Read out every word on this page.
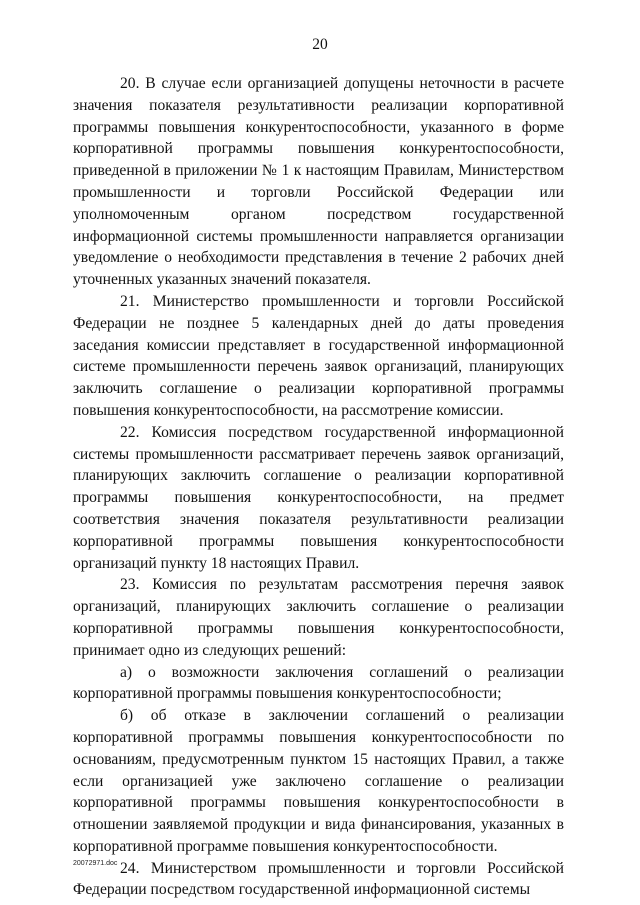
20

20. В случае если организацией допущены неточности в расчете значения показателя результативности реализации корпоративной программы повышения конкурентоспособности, указанного в форме корпоративной программы повышения конкурентоспособности, приведенной в приложении № 1 к настоящим Правилам, Министерством промышленности и торговли Российской Федерации или уполномоченным органом посредством государственной информационной системы промышленности направляется организации уведомление о необходимости представления в течение 2 рабочих дней уточненных указанных значений показателя.

21. Министерство промышленности и торговли Российской Федерации не позднее 5 календарных дней до даты проведения заседания комиссии представляет в государственной информационной системе промышленности перечень заявок организаций, планирующих заключить соглашение о реализации корпоративной программы повышения конкурентоспособности, на рассмотрение комиссии.

22. Комиссия посредством государственной информационной системы промышленности рассматривает перечень заявок организаций, планирующих заключить соглашение о реализации корпоративной программы повышения конкурентоспособности, на предмет соответствия значения показателя результативности реализации корпоративной программы повышения конкурентоспособности организаций пункту 18 настоящих Правил.

23. Комиссия по результатам рассмотрения перечня заявок организаций, планирующих заключить соглашение о реализации корпоративной программы повышения конкурентоспособности, принимает одно из следующих решений:

а) о возможности заключения соглашений о реализации корпоративной программы повышения конкурентоспособности;

б) об отказе в заключении соглашений о реализации корпоративной программы повышения конкурентоспособности по основаниям, предусмотренным пунктом 15 настоящих Правил, а также если организацией уже заключено соглашение о реализации корпоративной программы повышения конкурентоспособности в отношении заявляемой продукции и вида финансирования, указанных в корпоративной программе повышения конкурентоспособности.

24. Министерством промышленности и торговли Российской Федерации посредством государственной информационной системы

20072971.doc
